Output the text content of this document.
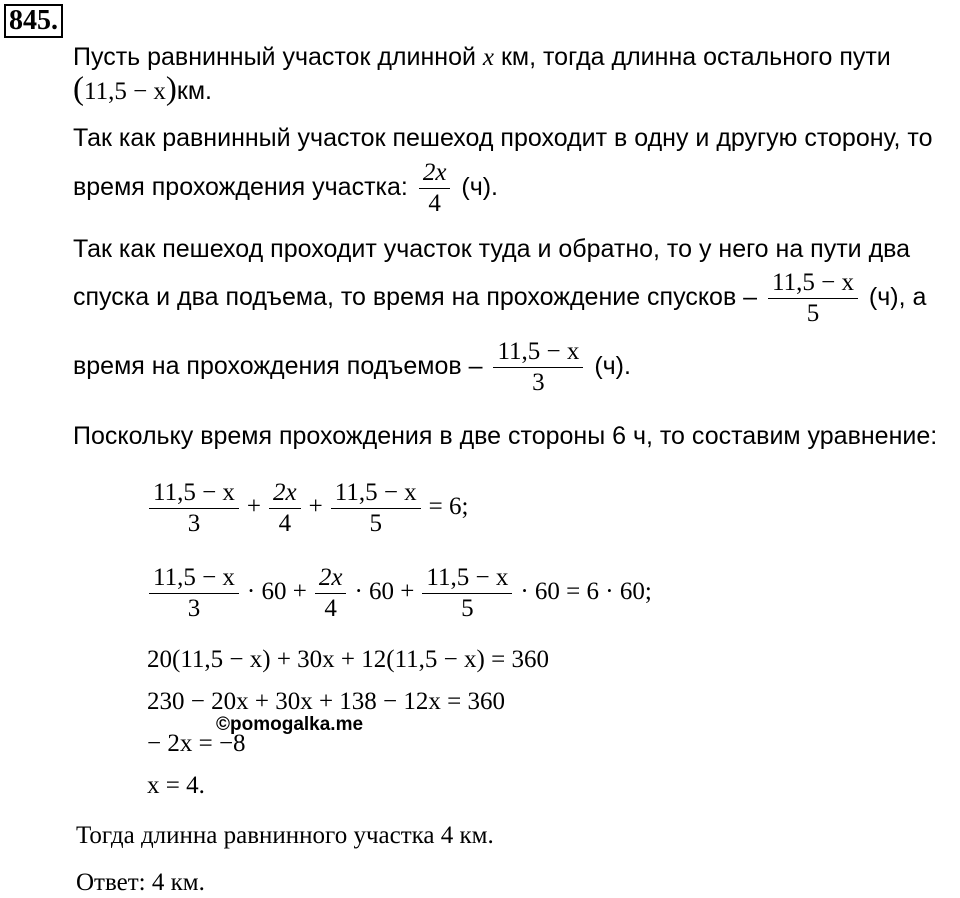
845.
Пусть равнинный участок длинной x км, тогда длинна остального пути
(11,5 − x)км.
Так как равнинный участок пешеход проходит в одну и другую сторону, то
время прохождения участка: $\frac{2x}{4} (ч)$.
Так как пешеход проходит участок туда и обратно, то у него на пути два
спуска и два подъема, то время на прохождение спусков – $\frac{11,5 - x}{5} (ч)$, а
время на прохождения подъемов – $\frac{11,5 - x}{3} (ч)$.
Поскольку время прохождения в две стороны 6 ч, то составим уравнение:
$\frac{11,5 - x}{3} + \frac{2x}{4} + \frac{11,5 - x}{5} = 6$;
$\frac{11,5 - x}{3} \cdot 60 + \frac{2x}{4} \cdot 60 + \frac{11,5 - x}{5} \cdot 60 = 6 \cdot 60$;
20(11,5 − x) + 30x + 12(11,5 − x) = 360
230 − 20x + 30x + 138 − 12x = 360
©pomogalka.me
− 2x = −8
x = 4.
Тогда длинна равнинного участка 4 км.
Ответ: 4 км.
